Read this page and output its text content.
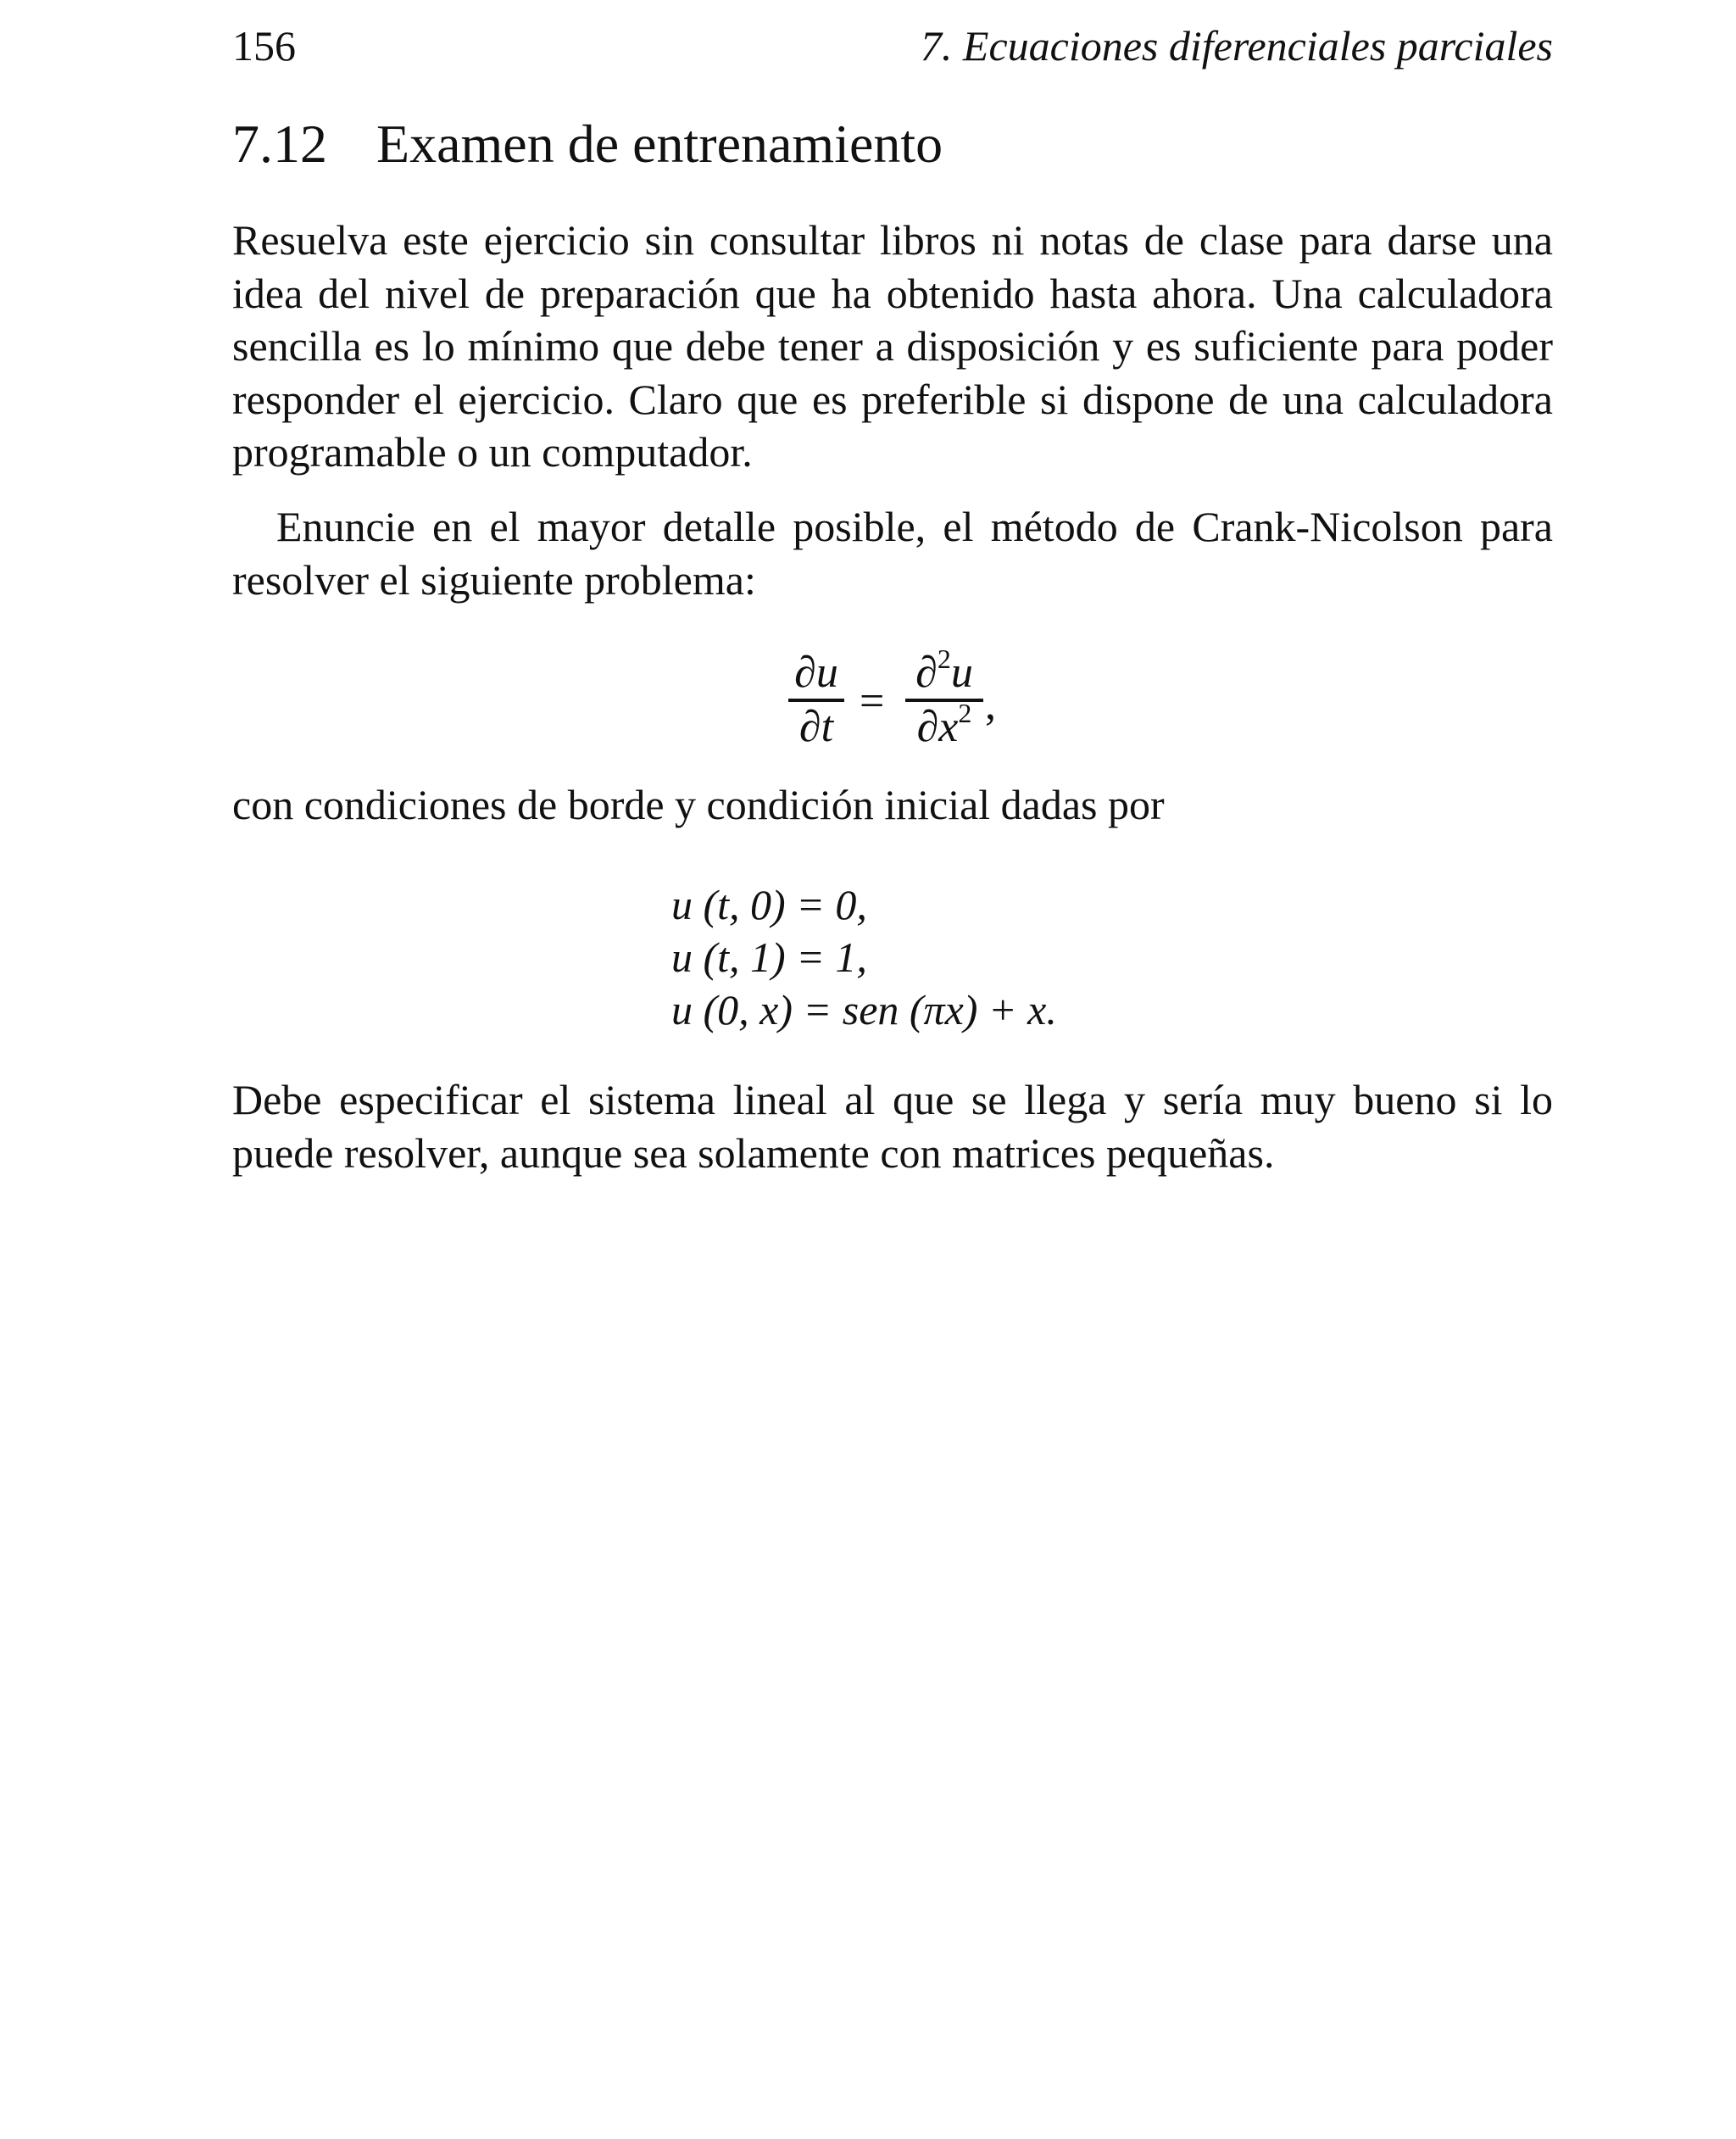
156	7. Ecuaciones diferenciales parciales
7.12 Examen de entrenamiento

Resuelva este ejercicio sin consultar libros ni notas de clase para darse una idea del nivel de preparación que ha obtenido hasta ahora. Una calculadora sencilla es lo mínimo que debe tener a disposición y es suficiente para poder responder el ejercicio. Claro que es preferible si dispone de una calculadora programable o un computador.

Enuncie en el mayor detalle posible, el método de Crank-Nicolson para resolver el siguiente problema:

∂u
∂t
=
∂$^2$u
$\partial x^2$ ,

con condiciones de borde y condición inicial dadas por

u (t, 0) = 0,
u (t, 1) = 1,
u (0, x) = sen (πx) + x.

Debe especificar el sistema lineal al que se llega y sería muy bueno si lo puede resolver, aunque sea solamente con matrices pequeñas.
